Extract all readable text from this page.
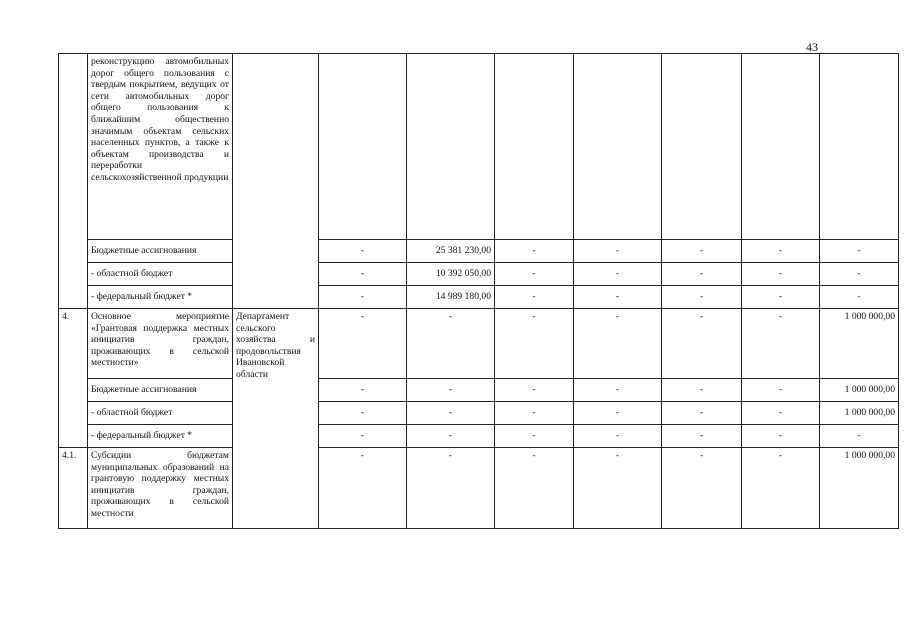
43
	реконструкцию автомобильных дорог общего пользования с твердым покрытием, ведущих от сети автомобильных дорог общего пользования к ближайшим общественно значимым объектам сельских населенных пунктов, а также к объектам производства и переработки сельскохозяйственной продукции								
	Бюджетные ассигнования		-	25 381 230,00	-	-	-	-	-
	- областной бюджет		-	10 392 050,00	-	-	-	-	-
	- федеральный бюджет *		-	14 989 180,00	-	-	-	-	-
4.	Основное мероприятие «Грантовая поддержка местных инициатив граждан, проживающих в сельской местности»	Департамент сельского хозяйства и продовольствия Ивановской области	-	-	-	-	-	-	1 000 000,00
	Бюджетные ассигнования		-	-	-	-	-	-	1 000 000,00
	- областной бюджет		-	-	-	-	-	-	1 000 000,00
	- федеральный бюджет *		-	-	-	-	-	-	-
4.1.	Субсидии бюджетам муниципальных образований на грантовую поддержку местных инициатив граждан, проживающих в сельской местности		-	-	-	-	-	-	1 000 000,00
